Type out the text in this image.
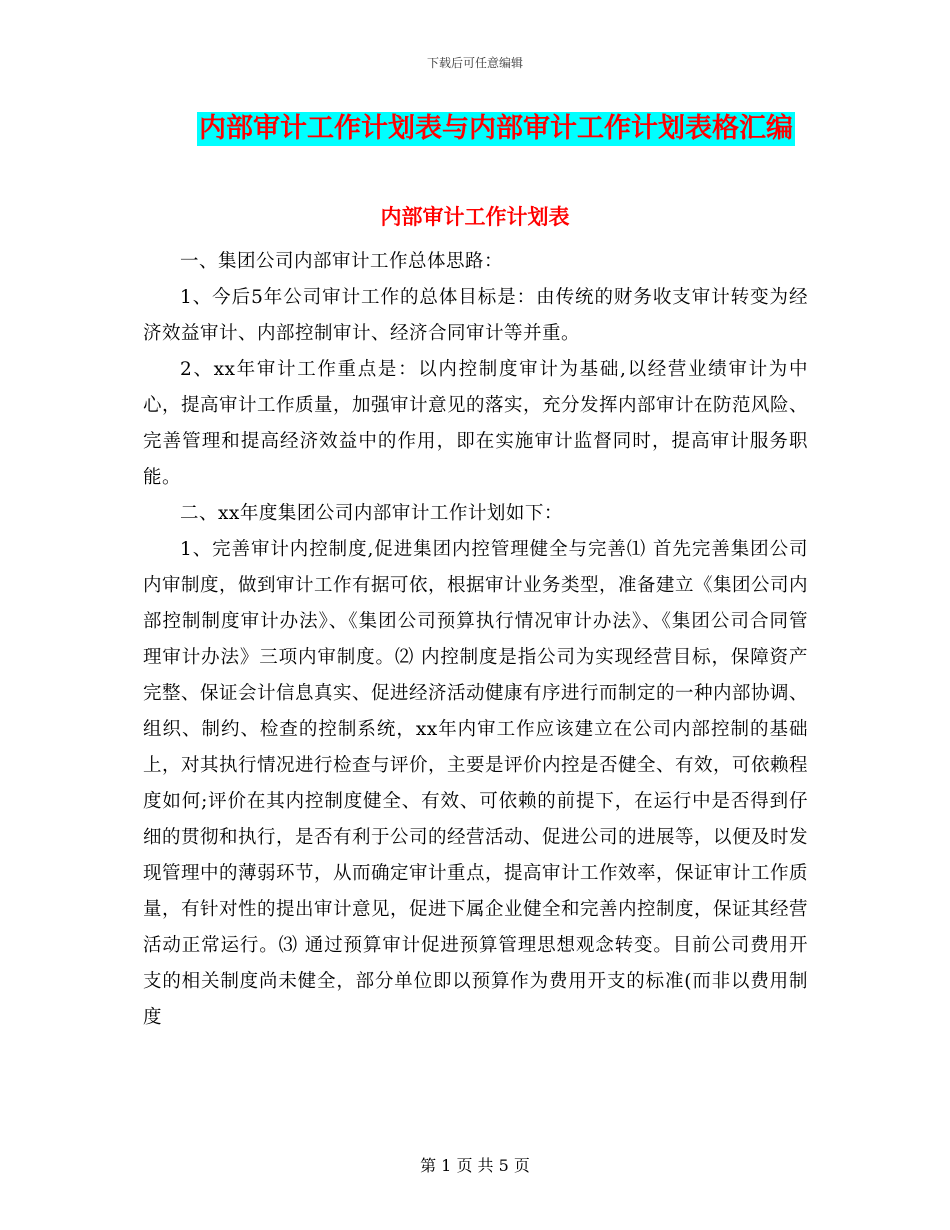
下载后可任意编辑
内部审计工作计划表与内部审计工作计划表格汇编
内部审计工作计划表

一、集团公司内部审计工作总体思路：

1、今后5年公司审计工作的总体目标是：由传统的财务收支审计转变为经济效益审计、内部控制审计、经济合同审计等并重。

2、xx年审计工作重点是：以内控制度审计为基础,以经营业绩审计为中心，提高审计工作质量，加强审计意见的落实，充分发挥内部审计在防范风险、完善管理和提高经济效益中的作用，即在实施审计监督同时，提高审计服务职能。

二、xx年度集团公司内部审计工作计划如下：

1、完善审计内控制度,促进集团内控管理健全与完善⑴ 首先完善集团公司内审制度，做到审计工作有据可依，根据审计业务类型，准备建立《集团公司内部控制制度审计办法》、《集团公司预算执行情况审计办法》、《集团公司合同管理审计办法》三项内审制度。⑵ 内控制度是指公司为实现经营目标，保障资产完整、保证会计信息真实、促进经济活动健康有序进行而制定的一种内部协调、组织、制约、检查的控制系统，xx年内审工作应该建立在公司内部控制的基础上，对其执行情况进行检查与评价，主要是评价内控是否健全、有效，可依赖程度如何;评价在其内控制度健全、有效、可依赖的前提下，在运行中是否得到仔细的贯彻和执行，是否有利于公司的经营活动、促进公司的进展等，以便及时发现管理中的薄弱环节，从而确定审计重点，提高审计工作效率，保证审计工作质量，有针对性的提出审计意见，促进下属企业健全和完善内控制度，保证其经营活动正常运行。⑶ 通过预算审计促进预算管理思想观念转变。目前公司费用开支的相关制度尚未健全，部分单位即以预算作为费用开支的标准(而非以费用制度

第 1 页 共 5 页
